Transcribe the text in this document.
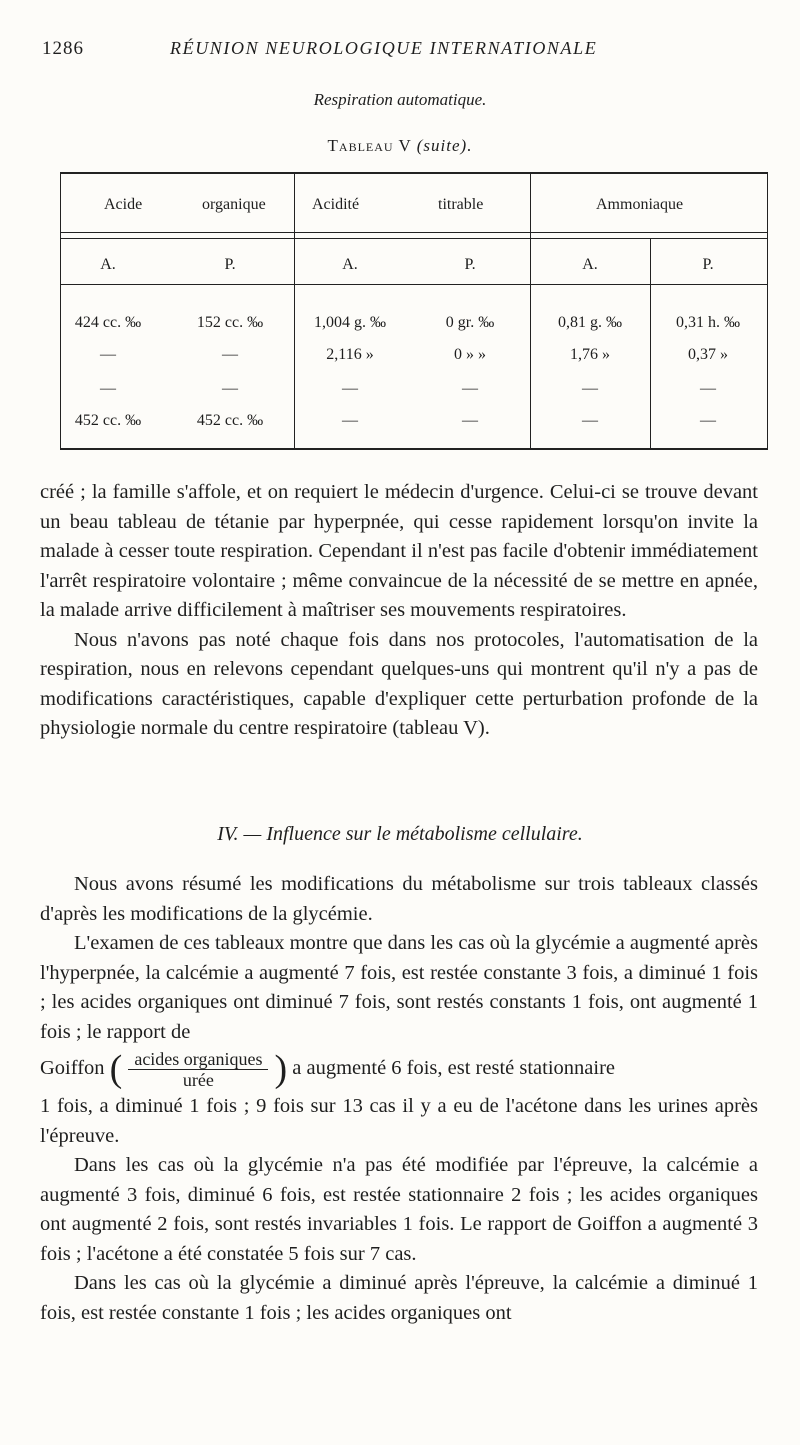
1286	RÉUNION NEUROLOGIQUE INTERNATIONALE
Respiration automatique.
Tableau V (suite).
Acide	organique	Acidité	titrable	Ammoniaque
A.	P.	A.	P.	A.	P.
424 cc. ‰	152 cc. ‰	1,004 g. ‰	0 gr. ‰	0,81 g. ‰	0,31 h. ‰
—	—	2,116 »	0 » »	1,76 »	0,37 »
—	—	—	—	—	—
452 cc. ‰	452 cc. ‰	—	—	—	—

créé ; la famille s'affole, et on requiert le médecin d'urgence. Celui-ci se trouve devant un beau tableau de tétanie par hyperpnée, qui cesse rapidement lorsqu'on invite la malade à cesser toute respiration. Cependant il n'est pas facile d'obtenir immédiatement l'arrêt respiratoire volontaire ; même convaincue de la nécessité de se mettre en apnée, la malade arrive difficilement à maîtriser ses mouvements respiratoires.

Nous n'avons pas noté chaque fois dans nos protocoles, l'automatisation de la respiration, nous en relevons cependant quelques-uns qui montrent qu'il n'y a pas de modifications caractéristiques, capable d'expliquer cette perturbation profonde de la physiologie normale du centre respiratoire (tableau V).

IV. — Influence sur le métabolisme cellulaire.

Nous avons résumé les modifications du métabolisme sur trois tableaux classés d'après les modifications de la glycémie.

L'examen de ces tableaux montre que dans les cas où la glycémie a augmenté après l'hyperpnée, la calcémie a augmenté 7 fois, est restée constante 3 fois, a diminué 1 fois ; les acides organiques ont diminué 7 fois, sont restés constants 1 fois, ont augmenté 1 fois ; le rapport de

Goiffon ( $\frac{\text{acides organiques}}{\text{urée}}$ ) a augmenté 6 fois, est resté stationnaire

1 fois, a diminué 1 fois ; 9 fois sur 13 cas il y a eu de l'acétone dans les urines après l'épreuve.

Dans les cas où la glycémie n'a pas été modifiée par l'épreuve, la calcémie a augmenté 3 fois, diminué 6 fois, est restée stationnaire 2 fois ; les acides organiques ont augmenté 2 fois, sont restés invariables 1 fois. Le rapport de Goiffon a augmenté 3 fois ; l'acétone a été constatée 5 fois sur 7 cas.

Dans les cas où la glycémie a diminué après l'épreuve, la calcémie a diminué 1 fois, est restée constante 1 fois ; les acides organiques ont
